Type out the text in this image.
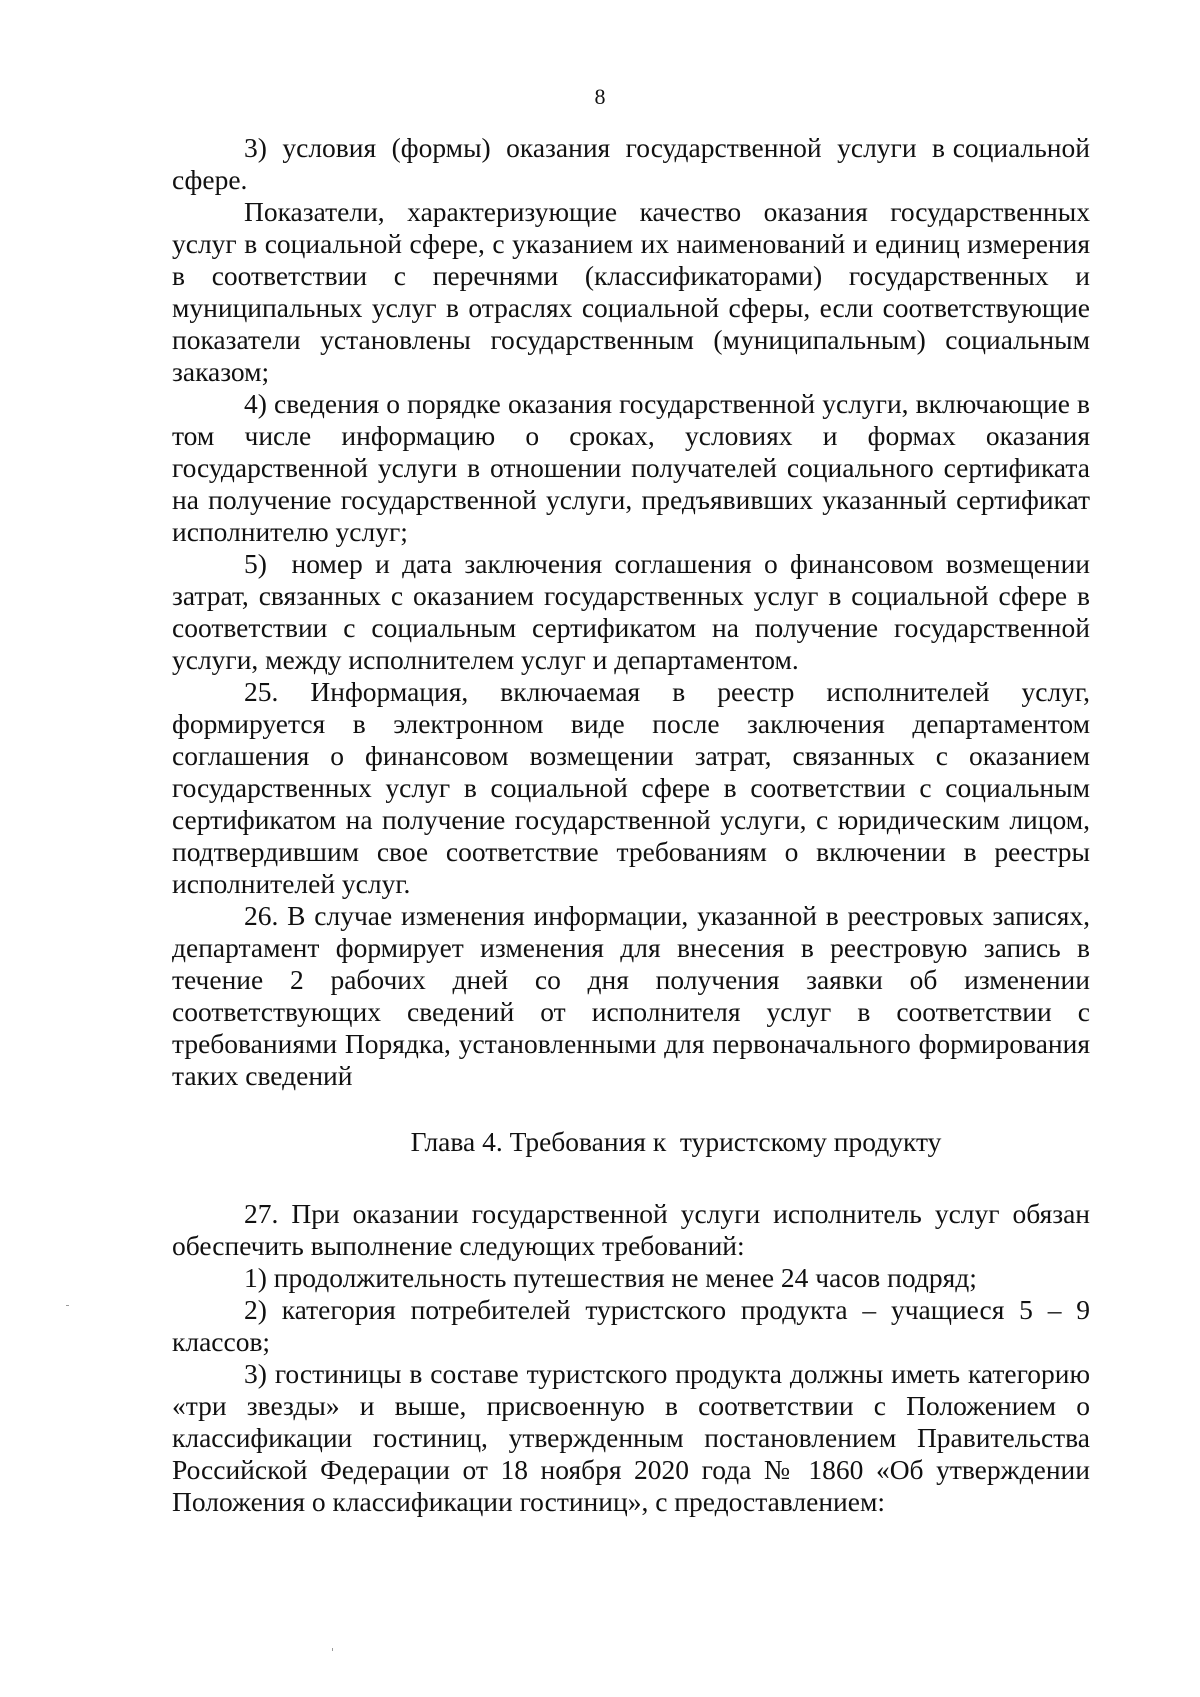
8

3)  условия  (формы)  оказания  государственной  услуги  в социальной сфере.

Показатели, характеризующие качество оказания государственных услуг в социальной сфере, с указанием их наименований и единиц измерения в соответствии с перечнями (классификаторами) государственных и муниципальных услуг в отраслях социальной сферы, если соответствующие показатели установлены государственным (муниципальным) социальным заказом;

4) сведения о порядке оказания государственной услуги, включающие в том числе информацию о сроках, условиях и формах оказания государственной услуги в отношении получателей социального сертификата на получение государственной услуги, предъявивших указанный сертификат исполнителю услуг;

5)  номер и дата заключения соглашения о финансовом возмещении затрат, связанных с оказанием государственных услуг в социальной сфере в соответствии с социальным сертификатом на получение государственной услуги, между исполнителем услуг и департаментом.

25. Информация, включаемая в реестр исполнителей услуг, формируется в электронном виде после заключения департаментом соглашения о финансовом возмещении затрат, связанных с оказанием государственных услуг в социальной сфере в соответствии с социальным сертификатом на получение государственной услуги, с юридическим лицом, подтвердившим свое соответствие требованиям о включении в реестры исполнителей услуг.

26. В случае изменения информации, указанной в реестровых записях, департамент формирует изменения для внесения в реестровую запись в течение 2 рабочих дней со дня получения заявки об изменении соответствующих сведений от исполнителя услуг в соответствии с требованиями Порядка, установленными для первоначального формирования таких сведений

Глава 4. Требования к  туристскому продукту

27. При оказании государственной услуги исполнитель услуг обязан обеспечить выполнение следующих требований:

1) продолжительность путешествия не менее 24 часов подряд;

2) категория потребителей туристского продукта – учащиеся 5 – 9 классов;

3) гостиницы в составе туристского продукта должны иметь категорию «три звезды» и выше, присвоенную в соответствии с Положением о классификации гостиниц, утвержденным постановлением Правительства Российской Федерации от 18 ноября 2020 года № 1860 «Об утверждении Положения о классификации гостиниц», с предоставлением:
